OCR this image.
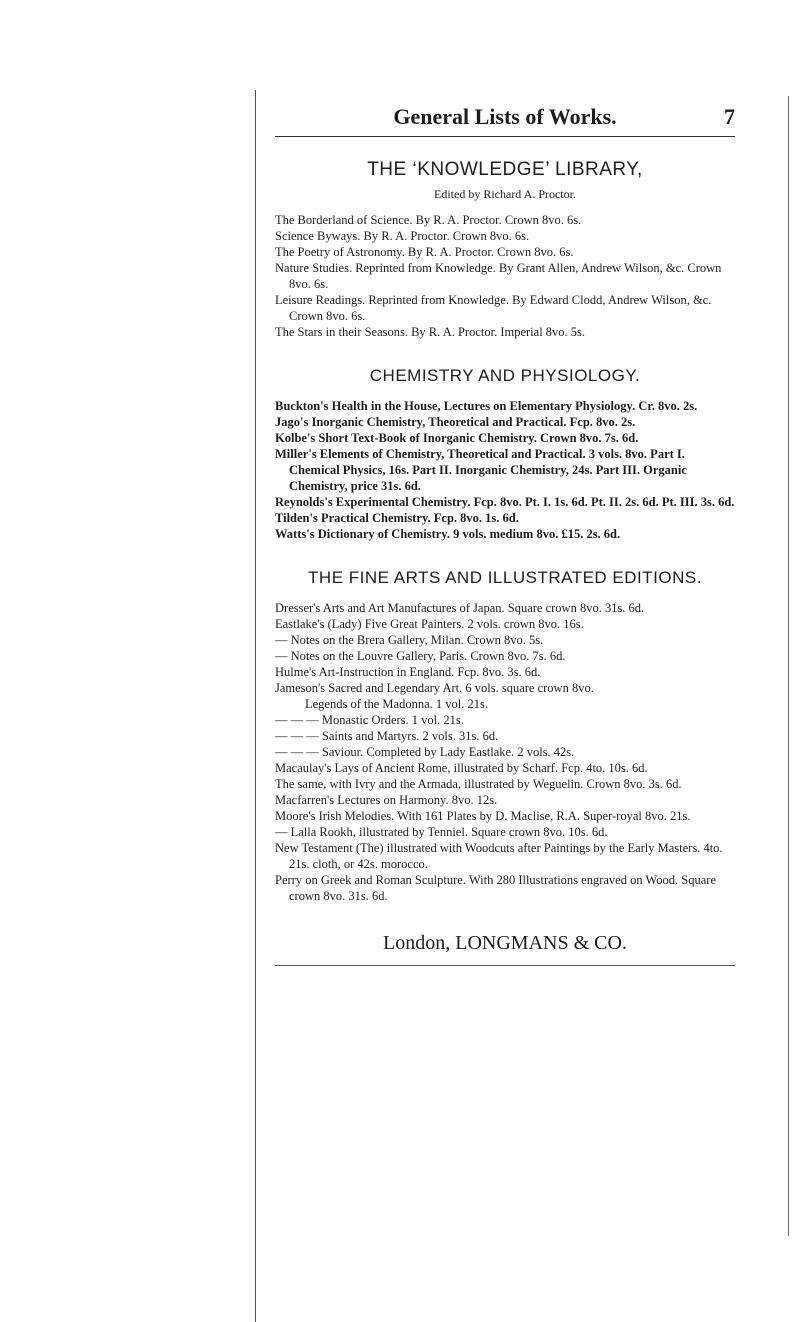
General Lists of Works.	7
THE ‘KNOWLEDGE’ LIBRARY,
Edited by Richard A. Proctor.

The Borderland of Science. By R. A. Proctor. Crown 8vo. 6s.

Science Byways. By R. A. Proctor. Crown 8vo. 6s.

The Poetry of Astronomy. By R. A. Proctor. Crown 8vo. 6s.

Nature Studies. Reprinted from Knowledge. By Grant Allen, Andrew Wilson, &c. Crown 8vo. 6s.

Leisure Readings. Reprinted from Knowledge. By Edward Clodd, Andrew Wilson, &c. Crown 8vo. 6s.

The Stars in their Seasons. By R. A. Proctor. Imperial 8vo. 5s.

CHEMISTRY AND PHYSIOLOGY.

Buckton's Health in the House, Lectures on Elementary Physiology. Cr. 8vo. 2s.

Jago's Inorganic Chemistry, Theoretical and Practical. Fcp. 8vo. 2s.

Kolbe's Short Text-Book of Inorganic Chemistry. Crown 8vo. 7s. 6d.

Miller's Elements of Chemistry, Theoretical and Practical. 3 vols. 8vo. Part I. Chemical Physics, 16s. Part II. Inorganic Chemistry, 24s. Part III. Organic Chemistry, price 31s. 6d.

Reynolds's Experimental Chemistry. Fcp. 8vo. Pt. I. 1s. 6d. Pt. II. 2s. 6d. Pt. III. 3s. 6d.

Tilden's Practical Chemistry. Fcp. 8vo. 1s. 6d.

Watts's Dictionary of Chemistry. 9 vols. medium 8vo. £15. 2s. 6d.

THE FINE ARTS AND ILLUSTRATED EDITIONS.

Dresser's Arts and Art Manufactures of Japan. Square crown 8vo. 31s. 6d.

Eastlake's (Lady) Five Great Painters. 2 vols. crown 8vo. 16s.

— Notes on the Brera Gallery, Milan. Crown 8vo. 5s.

— Notes on the Louvre Gallery, Paris. Crown 8vo. 7s. 6d.

Hulme's Art-Instruction in England. Fcp. 8vo. 3s. 6d.

Jameson's Sacred and Legendary Art. 6 vols. square crown 8vo.

Legends of the Madonna. 1 vol. 21s.

— — — Monastic Orders. 1 vol. 21s.

— — — Saints and Martyrs. 2 vols. 31s. 6d.

— — — Saviour. Completed by Lady Eastlake. 2 vols. 42s.

Macaulay's Lays of Ancient Rome, illustrated by Scharf. Fcp. 4to. 10s. 6d.

The same, with Ivry and the Armada, illustrated by Weguelin. Crown 8vo. 3s. 6d.

Macfarren's Lectures on Harmony. 8vo. 12s.

Moore's Irish Melodies. With 161 Plates by D. Maclise, R.A. Super-royal 8vo. 21s.

— Lalla Rookh, illustrated by Tenniel. Square crown 8vo. 10s. 6d.

New Testament (The) illustrated with Woodcuts after Paintings by the Early Masters. 4to. 21s. cloth, or 42s. morocco.

Perry on Greek and Roman Sculpture. With 280 Illustrations engraved on Wood. Square crown 8vo. 31s. 6d.

London, LONGMANS & CO.
